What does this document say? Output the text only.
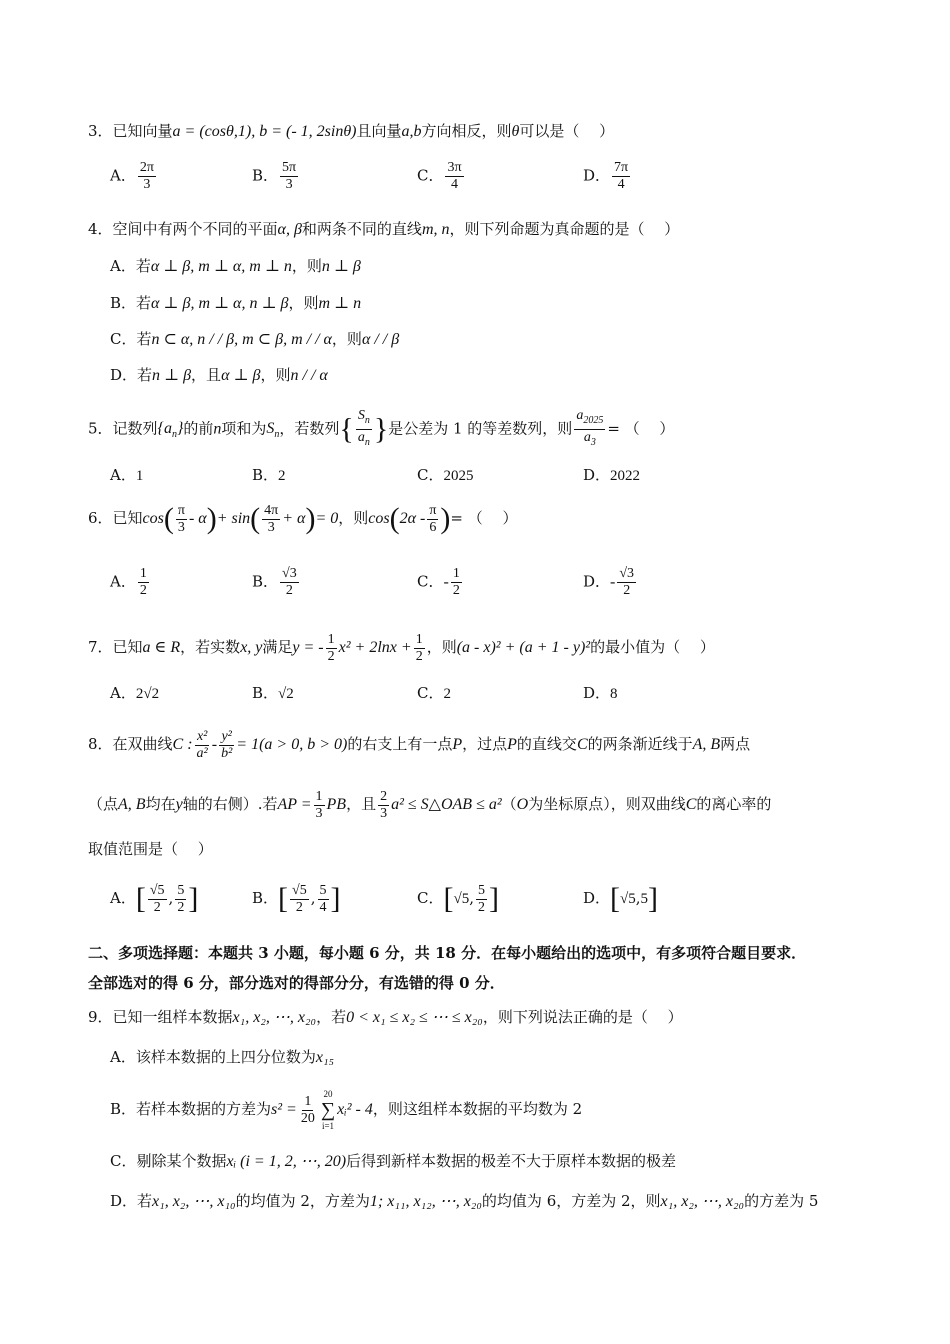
3．已知向量a = (cosθ,1), b = (- 1, 2sinθ)且向量a,b方向相反，则θ可以是（　 ）
A． $\frac{2\pi}{3}$	B． $\frac{5\pi}{3}$	C． $\frac{3\pi}{4}$	D． $\frac{7\pi}{4}$
4．空间中有两个不同的平面α, β和两条不同的直线m, n，则下列命题为真命题的是（　 ）
A．若α ⊥ β, m ⊥ α, m ⊥ n，则n ⊥ β
B．若α ⊥ β, m ⊥ α, n ⊥ β，则m ⊥ n
C．若n ⊂ α, n / / β, m ⊂ β, m / / α，则α / / β
D．若n ⊥ β，且α ⊥ β，则n / / α
5．记数列$\{a_n\}$的前n项和为$S_n$，若数列{ $\frac{S_n}{a_n}$ }是公差为 1 的等差数列，则 $\frac{a_{2025}}{a_3}$ = （　 ）
A．1	B．2	C．2025	D．2022
6．已知$\cos( \frac{\pi}{3} - \alpha)+ \sin( \frac{4\pi}{3} + \alpha)= 0$，则$\cos(2\alpha - \frac{\pi}{6}$ )= （　 ）
A． $\frac{1}{2}$	B． $\frac{√3}{2}$	C．- $\frac{1}{2}$	D．- $\frac{√3}{2}$
7．已知a ∈ R，若实数x, y满足y = - $\frac{1}{2} x^2 + 2\ln x + \frac{1}{2}$ ，则(a - x)² + (a + 1 - y)²的最小值为（　 ）
A．2√2	B．√2	C．2	D．8
8．在双曲线C : $\frac{\text{x²}}{\text{a²}} - \frac{\text{y²}}{\text{b²}} = 1(a > 0$, b > 0)的右支上有一点P，过点P的直线交C的两条渐近线于A, B两点
（点A, B均在y轴的右侧）.若AP = $\frac{1}{3}$ PB，且 $\frac{2}{3} a^2$ ≤ S△OAB ≤ a²（O为坐标原点），则双曲线C的离心率的
取值范围是（　 ）
A．[ $\frac{√5}{2}$ , $\frac{5}{2}$ ]	B．[ $\frac{√5}{2}$ , $\frac{5}{4}$ ]	C．[√5, $\frac{5}{2}$ ]	D．[√5,5]
二、多项选择题：本题共 3 小题，每小题 6 分，共 18 分．在每小题给出的选项中，有多项符合题目要求．
全部选对的得 6 分，部分选对的得部分分，有选错的得 0 分．
9．已知一组样本数据x₁, x₂, ⋯, x₂₀，若0 < x₁ ≤ x₂ ≤ ⋯ ≤ x₂₀，则下列说法正确的是（　 ）
A．该样本数据的上四分位数为x₁₅
B．若样本数据的方差为$s^2 = \frac{1}{20} 20$
∑
i=1
xᵢ² - 4，则这组样本数据的平均数为 2
C．剔除某个数据xᵢ (i = 1, 2, ⋯, 20)后得到新样本数据的极差不大于原样本数据的极差
D．若x₁, x₂, ⋯, x₁₀的均值为 2，方差为1; x₁₁, x₁₂, ⋯, x₂₀的均值为 6，方差为 2，则x₁, x₂, ⋯, x₂₀的方差为 5
